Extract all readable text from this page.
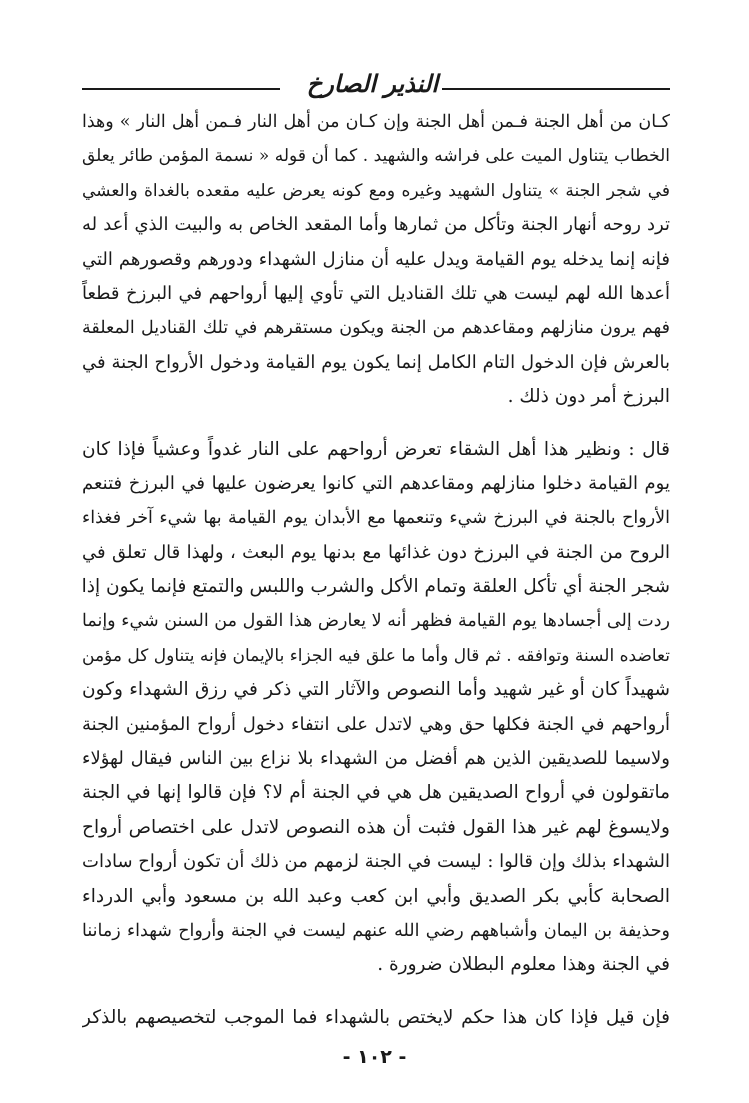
النذير الصارخ
كـان من أهل الجنة فـمن أهل الجنة وإن كـان من أهل النار فـمن أهل النار » وهذا
الخطاب يتناول الميت على فراشه والشهيد . كما أن قوله « نسمة المؤمن طائر يعلق
في شجر الجنة » يتناول الشهيد وغيره ومع كونه يعرض عليه مقعده بالغداة والعشي
ترد روحه أنهار الجنة وتأكل من ثمارها وأما المقعد الخاص به والبيت الذي أعد له
فإنه إنما يدخله يوم القيامة ويدل عليه أن منازل الشهداء ودورهم وقصورهم التي
أعدها الله لهم ليست هي تلك القناديل التي تأوي إليها أرواحهم في البرزخ قطعاً
فهم يرون منازلهم ومقاعدهم من الجنة ويكون مستقرهم في تلك القناديل المعلقة
بالعرش فإن الدخول التام الكامل إنما يكون يوم القيامة ودخول الأرواح الجنة في
البرزخ أمر دون ذلك .
قال : ونظير هذا أهل الشقاء تعرض أرواحهم على النار غدواً وعشياً فإذا كان
يوم القيامة دخلوا منازلهم ومقاعدهم التي كانوا يعرضون عليها في البرزخ فتنعم
الأرواح بالجنة في البرزخ شيء وتنعمها مع الأبدان يوم القيامة بها شيء آخر فغذاء
الروح من الجنة في البرزخ دون غذائها مع بدنها يوم البعث ، ولهذا قال تعلق في
شجر الجنة أي تأكل العلقة وتمام الأكل والشرب واللبس والتمتع فإنما يكون إذا
ردت إلى أجسادها يوم القيامة فظهر أنه لا يعارض هذا القول من السنن شيء وإنما
تعاضده السنة وتوافقه . ثم قال وأما ما علق فيه الجزاء بالإيمان فإنه يتناول كل مؤمن
شهيداً كان أو غير شهيد وأما النصوص والآثار التي ذكر في رزق الشهداء وكون
أرواحهم في الجنة فكلها حق وهي لاتدل على انتفاء دخول أرواح المؤمنين الجنة
ولاسيما للصديقين الذين هم أفضل من الشهداء بلا نزاع بين الناس فيقال لهؤلاء
ماتقولون في أرواح الصديقين هل هي في الجنة أم لا؟ فإن قالوا إنها في الجنة
ولايسوغ لهم غير هذا القول فثبت أن هذه النصوص لاتدل على اختصاص أرواح
الشهداء بذلك وإن قالوا : ليست في الجنة لزمهم من ذلك أن تكون أرواح سادات
الصحابة كأبي بكر الصديق وأبي ابن كعب وعبد الله بن مسعود وأبي الدرداء
وحذيفة بن اليمان وأشباههم رضي الله عنهم ليست في الجنة وأرواح شهداء زماننا
في الجنة وهذا معلوم البطلان ضرورة .
فإن قيل فإذا كان هذا حكم لايختص بالشهداء فما الموجب لتخصيصهم بالذكر
- ١٠٢ -
